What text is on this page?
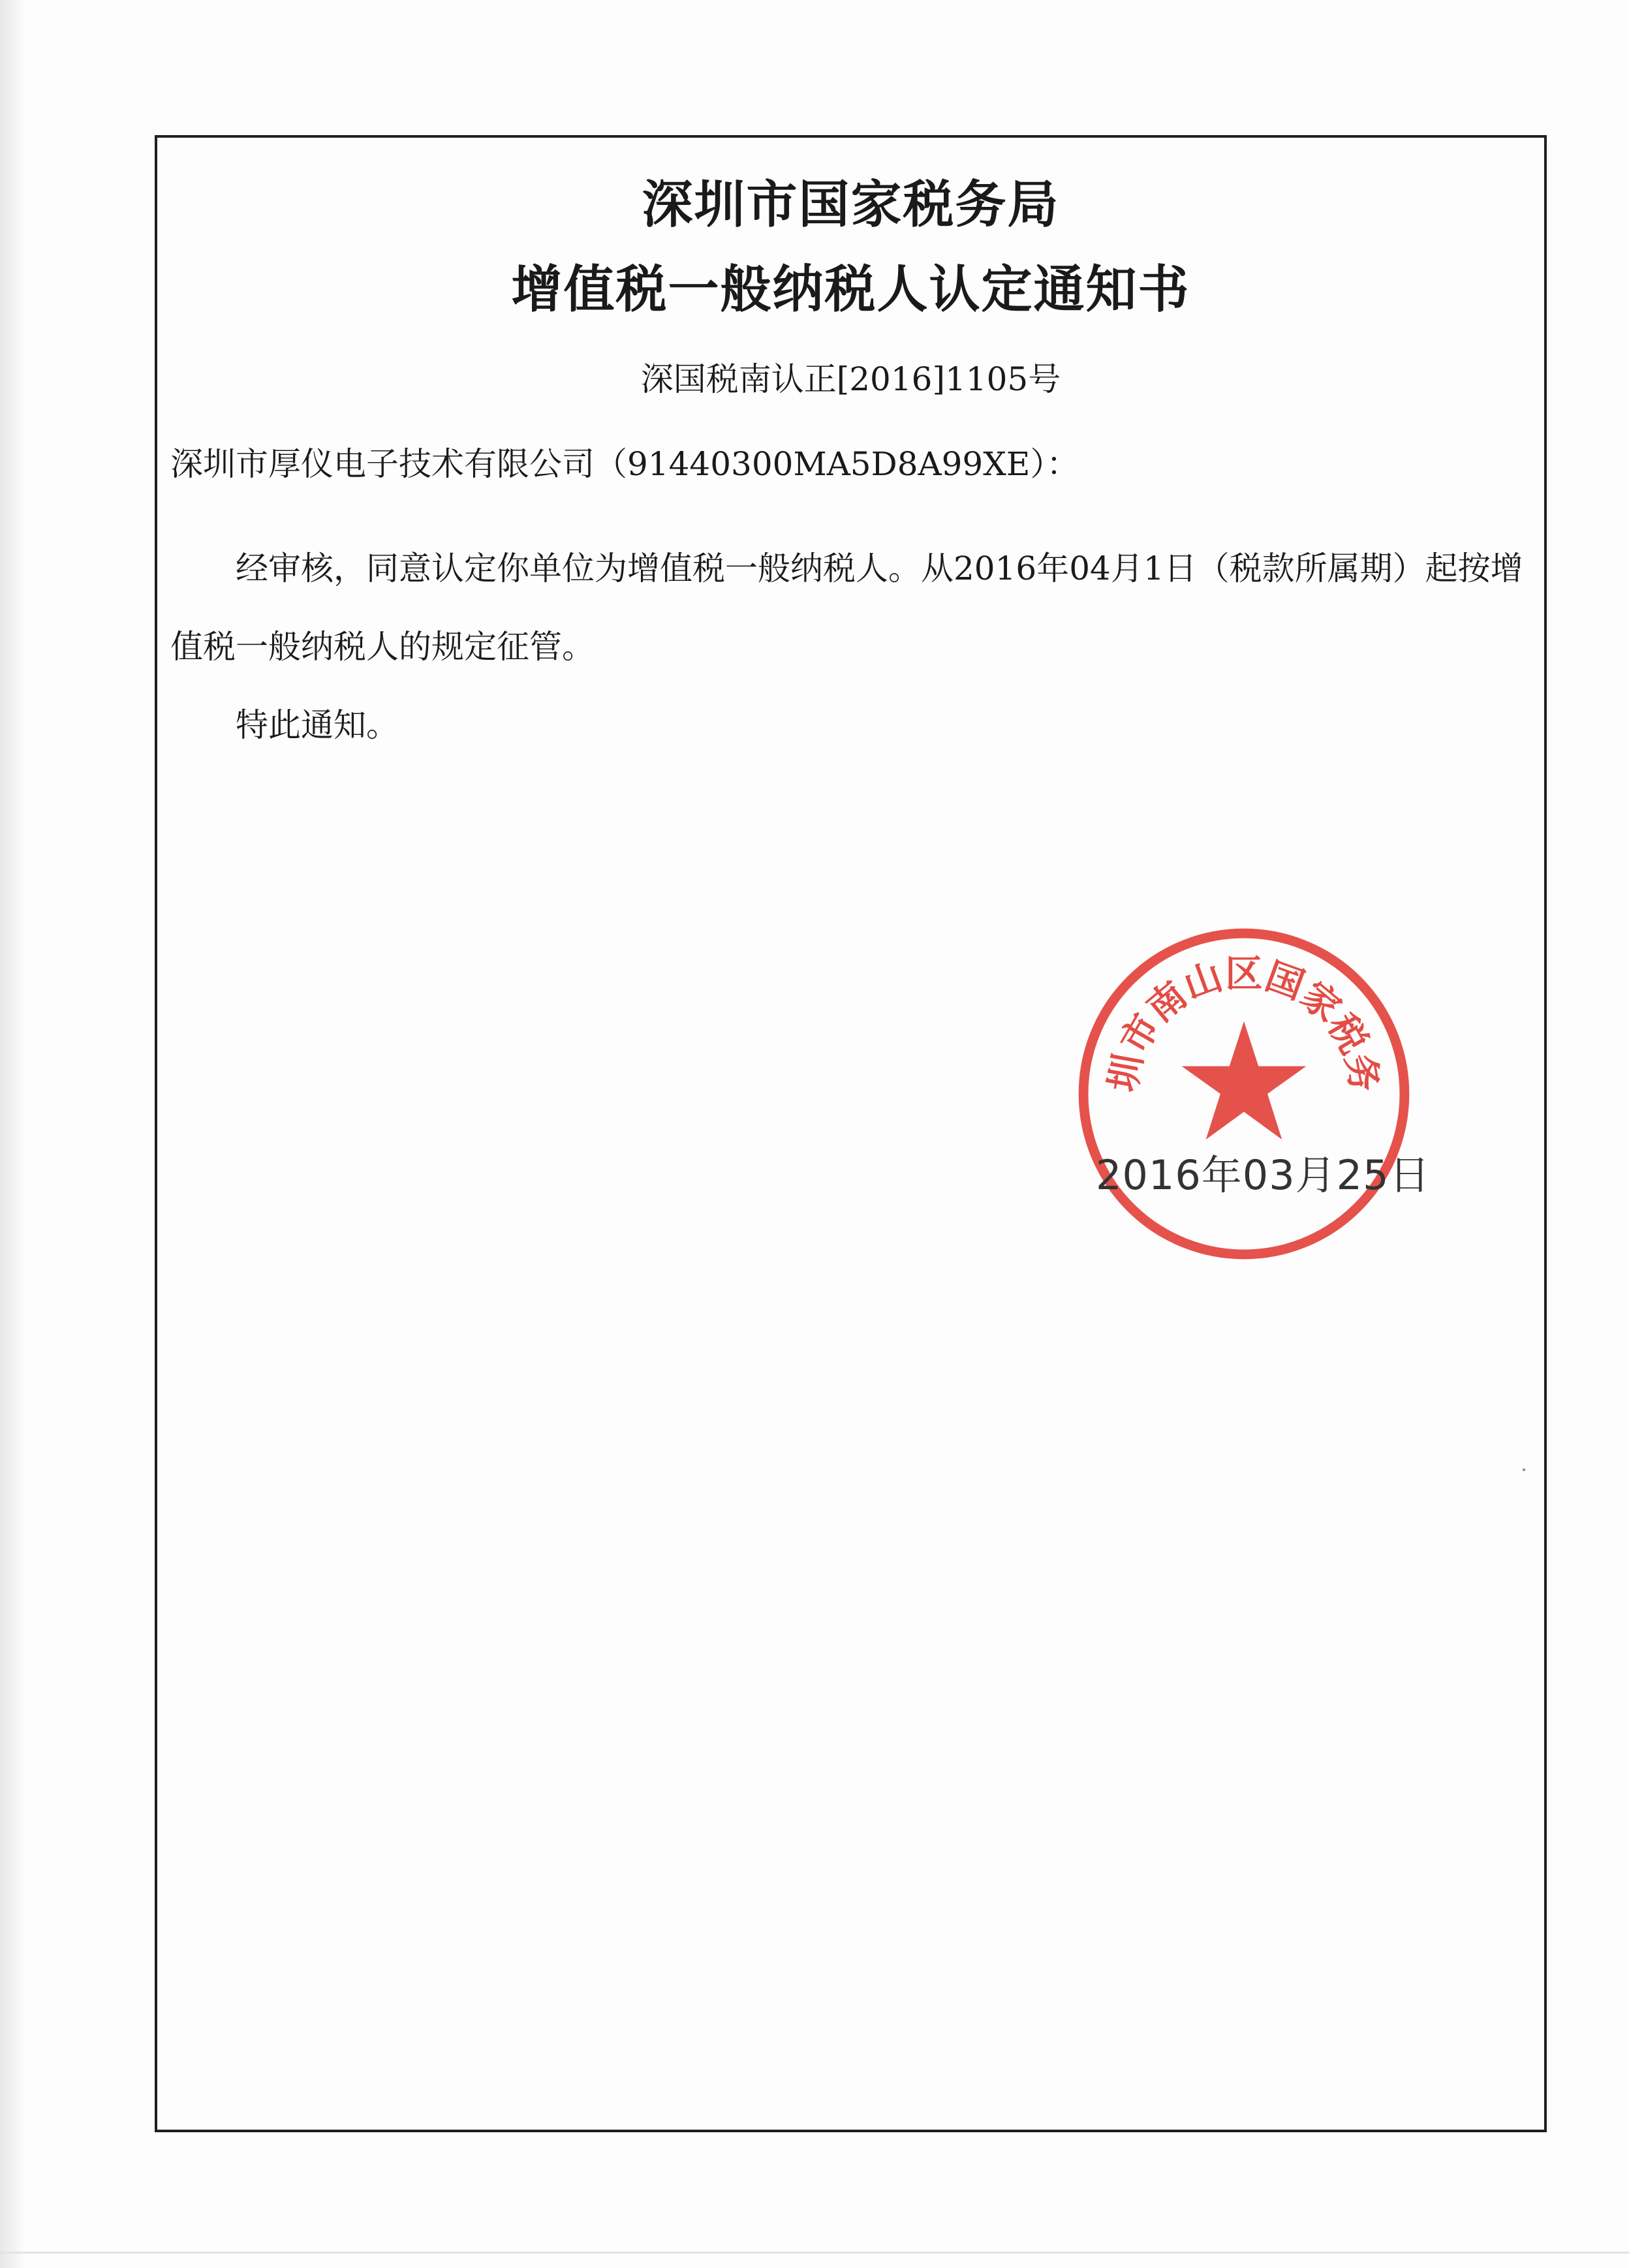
深圳市国家税务局
增值税一般纳税人认定通知书
深国税南认正[2016]1105号
深圳市厚仪电子技术有限公司（91440300MA5D8A99XE）：
经审核，同意认定你单位为增值税一般纳税人。从2016年04月1日（税款所属期）起按增值税一般纳税人的规定征管。
特此通知。
圳市南山区国家税务
2016年03月25日
